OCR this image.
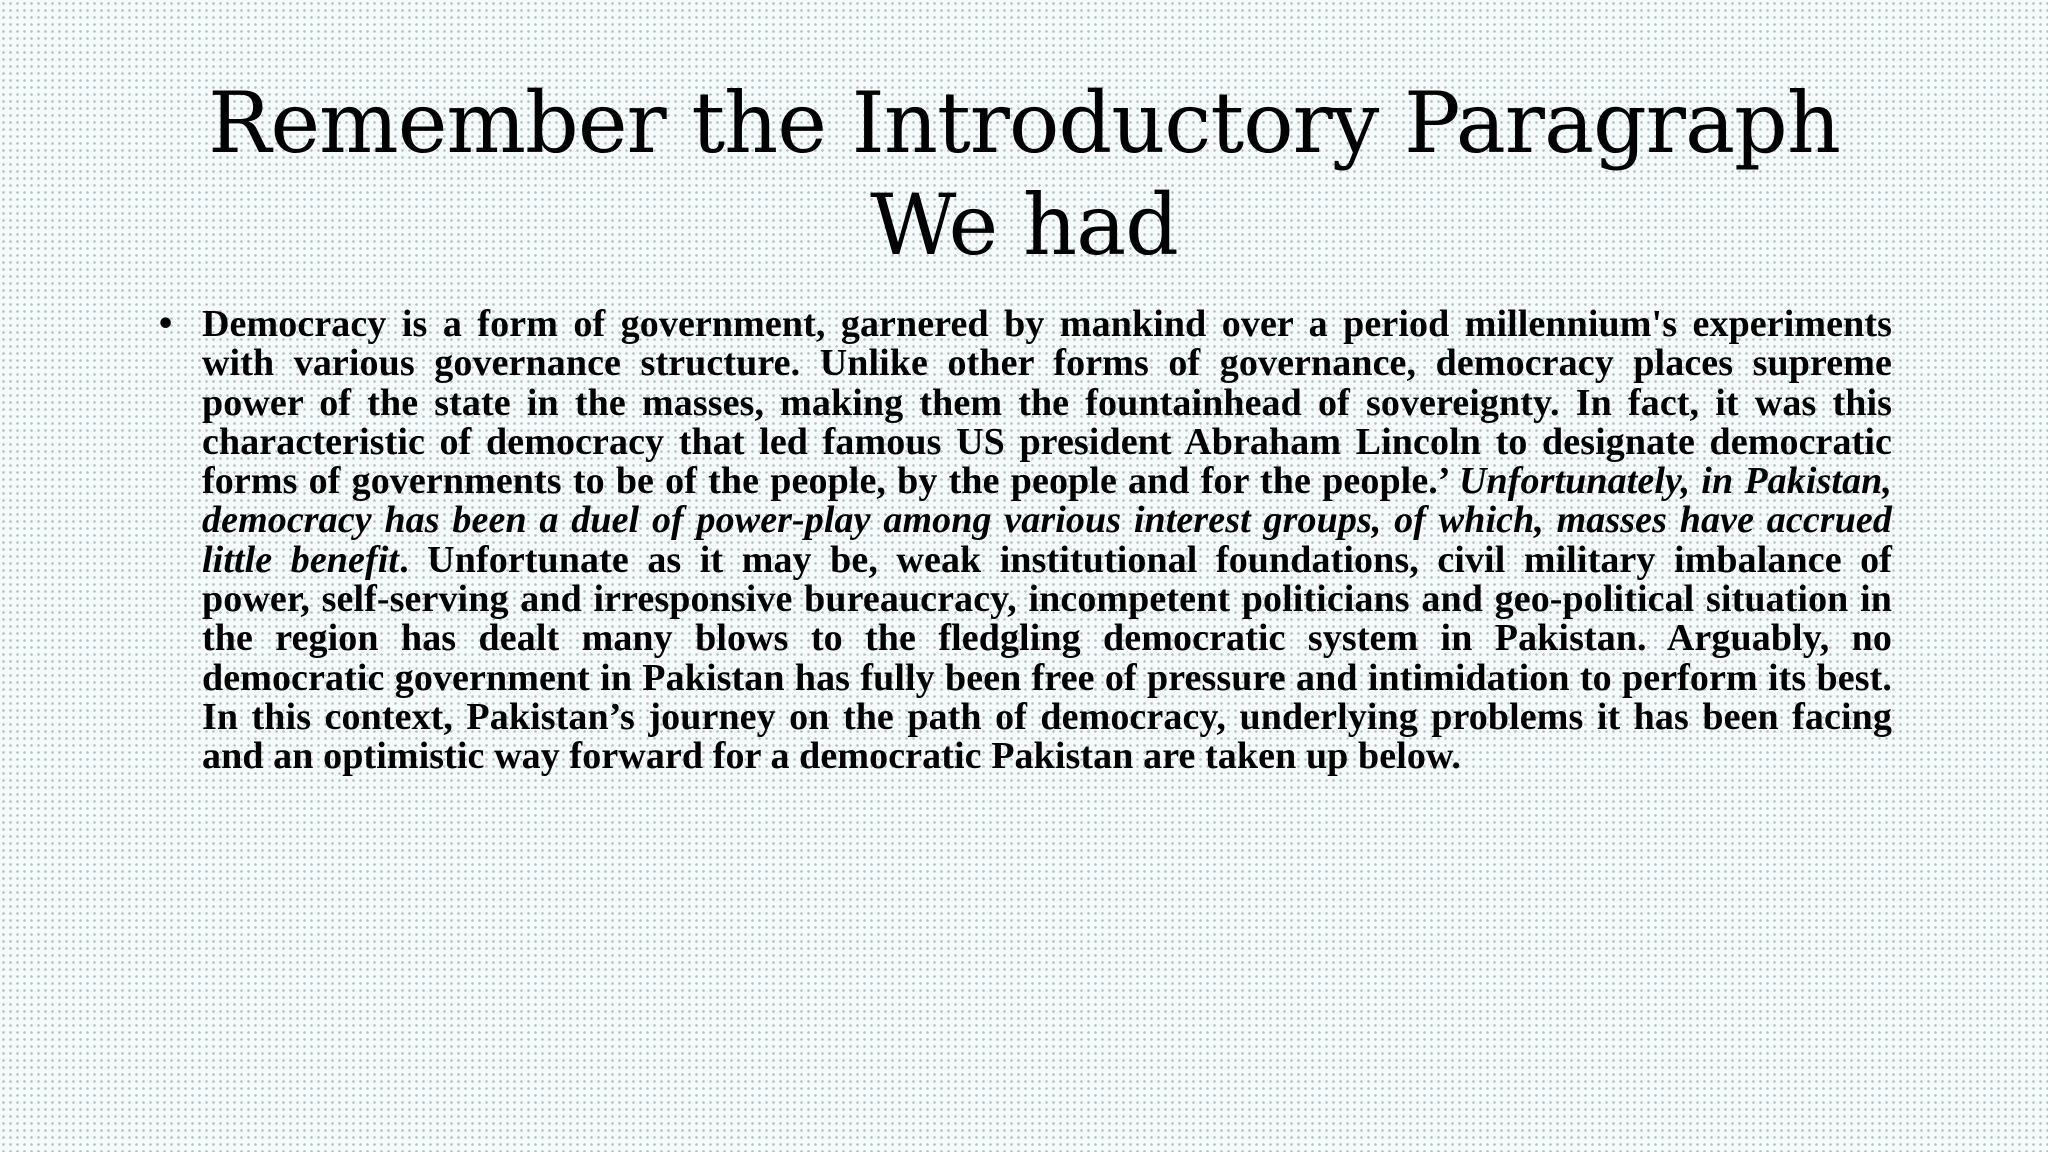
Remember the Introductory Paragraph We had
• Democracy is a form of government, garnered by mankind over a period millennium's experiments with various governance structure. Unlike other forms of governance, democracy places supreme power of the state in the masses, making them the fountainhead of sovereignty. In fact, it was this characteristic of democracy that led famous US president Abraham Lincoln to designate democratic forms of governments to be of the people, by the people and for the people.’ Unfortunately, in Pakistan, democracy has been a duel of power-play among various interest groups, of which, masses have accrued little benefit. Unfortunate as it may be, weak institutional foundations, civil military imbalance of power, self-serving and irresponsive bureaucracy, incompetent politicians and geo-political situation in the region has dealt many blows to the fledgling democratic system in Pakistan. Arguably, no democratic government in Pakistan has fully been free of pressure and intimidation to perform its best. In this context, Pakistan’s journey on the path of democracy, underlying problems it has been facing and an optimistic way forward for a democratic Pakistan are taken up below.
